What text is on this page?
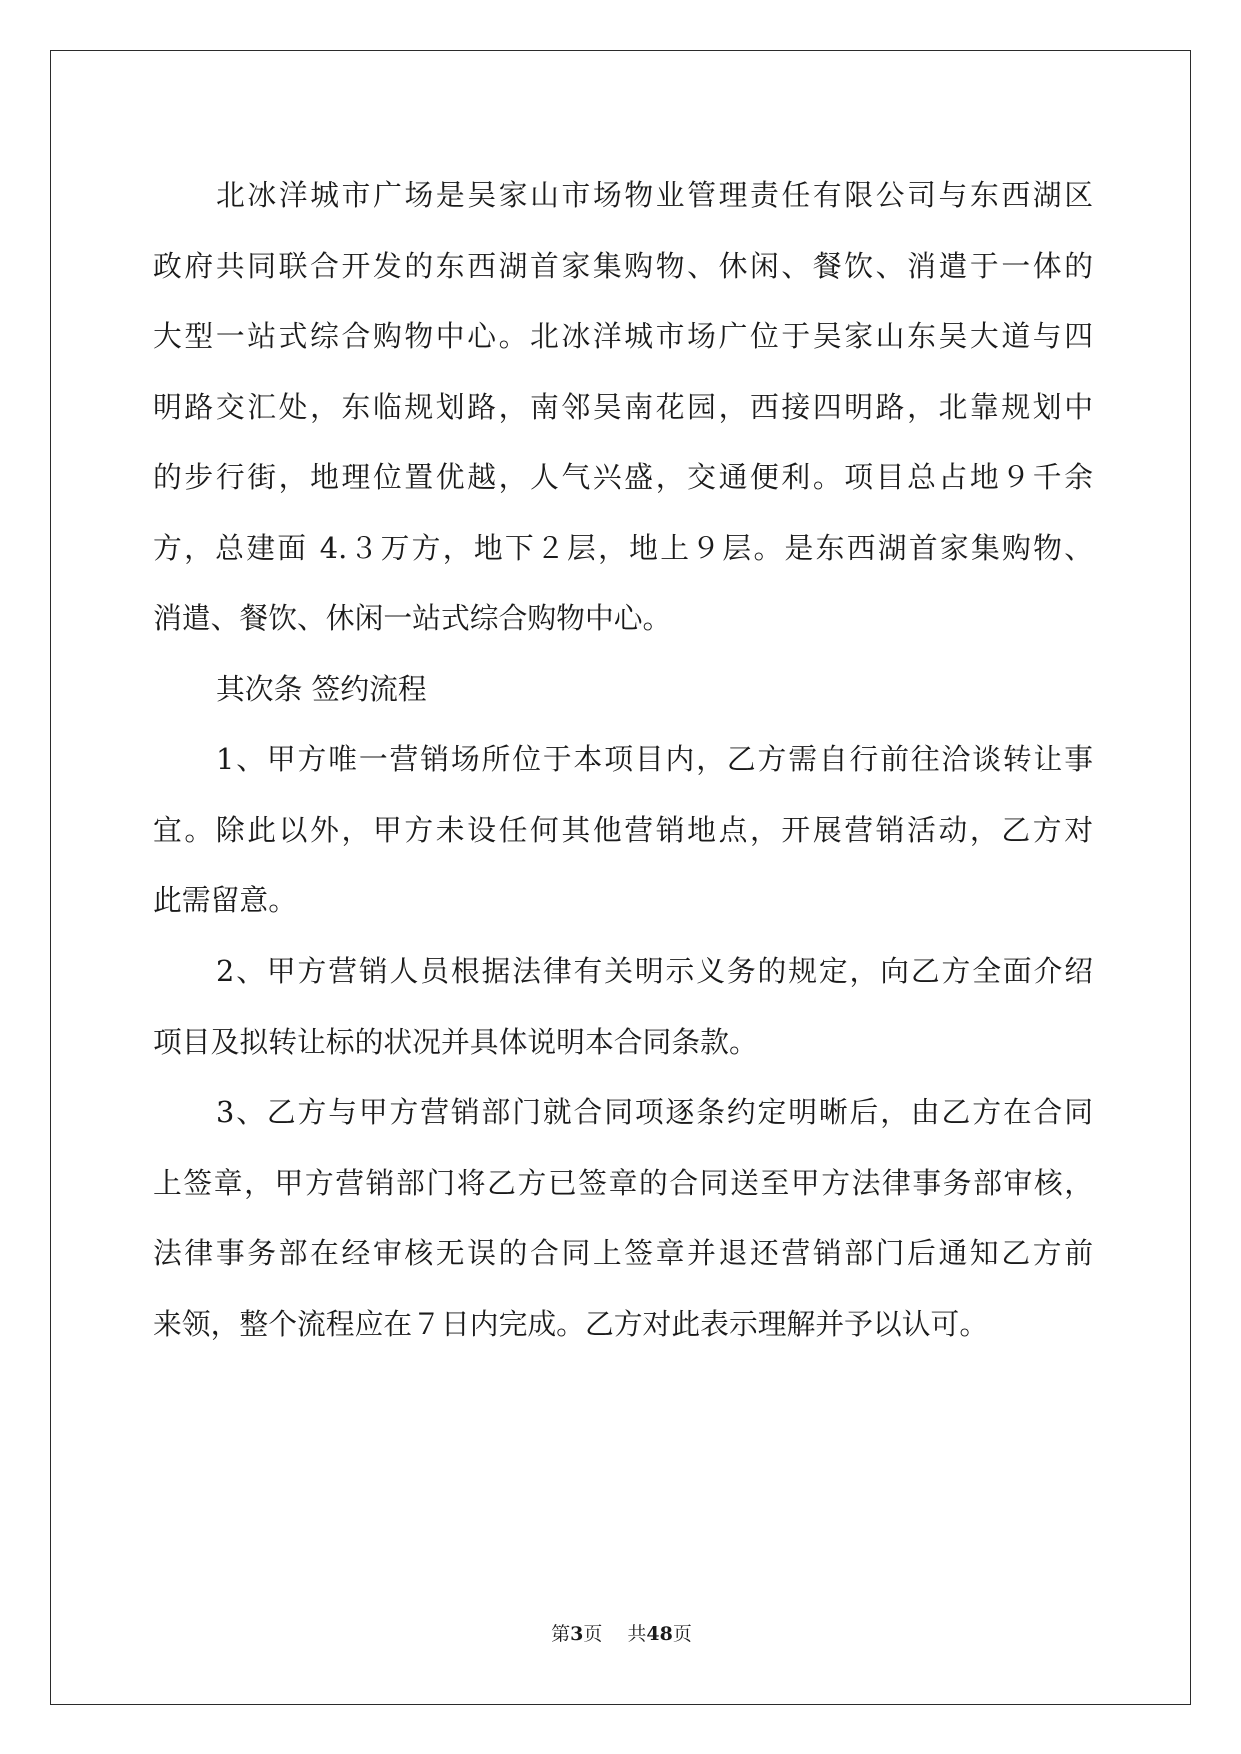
北冰洋城市广场是吴家山市场物业管理责任有限公司与东西湖区
政府共同联合开发的东西湖首家集购物、休闲、餐饮、消遣于一体的
大型一站式综合购物中心。北冰洋城市场广位于吴家山东吴大道与四
明路交汇处，东临规划路，南邻吴南花园，西接四明路，北靠规划中
的步行街，地理位置优越，人气兴盛，交通便利。项目总占地９千余
方，总建面 4.３万方，地下２层，地上９层。是东西湖首家集购物、
消遣、餐饮、休闲一站式综合购物中心。
其次条 签约流程
1、甲方唯一营销场所位于本项目内，乙方需自行前往洽谈转让事
宜。除此以外，甲方未设任何其他营销地点，开展营销活动，乙方对
此需留意。
2、甲方营销人员根据法律有关明示义务的规定，向乙方全面介绍
项目及拟转让标的状况并具体说明本合同条款。
3、乙方与甲方营销部门就合同项逐条约定明晰后，由乙方在合同
上签章，甲方营销部门将乙方已签章的合同送至甲方法律事务部审核，
法律事务部在经审核无误的合同上签章并退还营销部门后通知乙方前
来领，整个流程应在７日内完成。乙方对此表示理解并予以认可。
第3页   共48页
